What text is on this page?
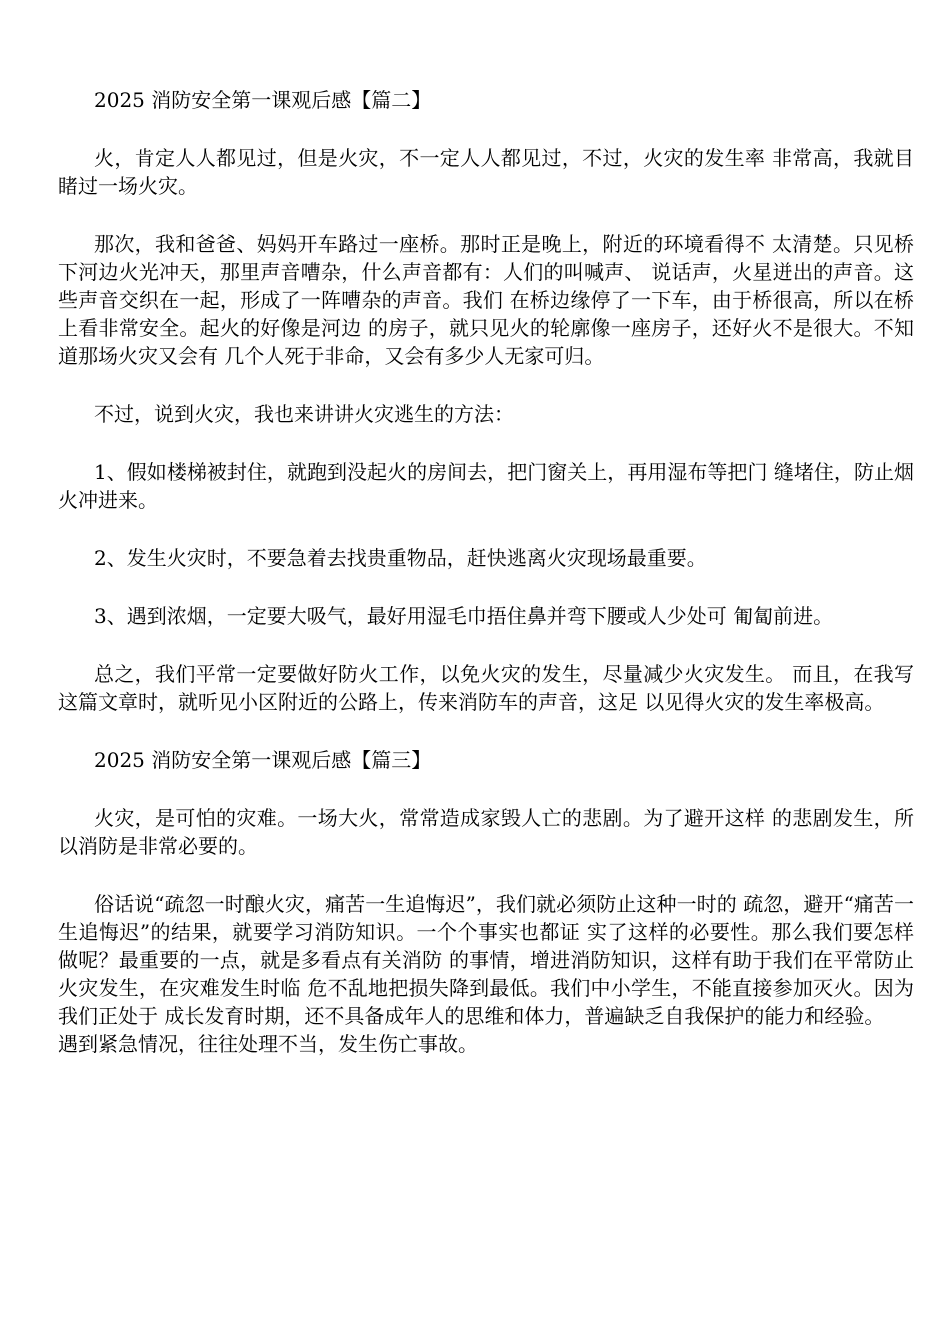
2025 消防安全第一课观后感【篇二】

火，肯定人人都见过，但是火灾，不一定人人都见过，不过，火灾的发生率 非常高，我就目睹过一场火灾。

那次，我和爸爸、妈妈开车路过一座桥。那时正是晚上，附近的环境看得不 太清楚。只见桥下河边火光冲天，那里声音嘈杂，什么声音都有：人们的叫喊声、 说话声，火星迸出的声音。这些声音交织在一起，形成了一阵嘈杂的声音。我们 在桥边缘停了一下车，由于桥很高，所以在桥上看非常安全。起火的好像是河边 的房子，就只见火的轮廓像一座房子，还好火不是很大。不知道那场火灾又会有 几个人死于非命，又会有多少人无家可归。

不过，说到火灾，我也来讲讲火灾逃生的方法：

1、假如楼梯被封住，就跑到没起火的房间去，把门窗关上，再用湿布等把门 缝堵住，防止烟火冲进来。

2、发生火灾时，不要急着去找贵重物品，赶快逃离火灾现场最重要。

3、遇到浓烟，一定要大吸气，最好用湿毛巾捂住鼻并弯下腰或人少处可 匍匐前进。

总之，我们平常一定要做好防火工作，以免火灾的发生，尽量减少火灾发生。 而且，在我写这篇文章时，就听见小区附近的公路上，传来消防车的声音，这足 以见得火灾的发生率极高。

2025 消防安全第一课观后感【篇三】

火灾，是可怕的灾难。一场大火，常常造成家毁人亡的悲剧。为了避开这样 的悲剧发生，所以消防是非常必要的。

俗话说“疏忽一时酿火灾，痛苦一生追悔迟”，我们就必须防止这种一时的 疏忽，避开“痛苦一生追悔迟”的结果，就要学习消防知识。一个个事实也都证 实了这样的必要性。那么我们要怎样做呢？最重要的一点，就是多看点有关消防 的事情，增进消防知识，这样有助于我们在平常防止火灾发生，在灾难发生时临 危不乱地把损失降到最低。我们中小学生，不能直接参加灭火。因为我们正处于 成长发育时期，还不具备成年人的思维和体力，普遍缺乏自我保护的能力和经验。

遇到紧急情况，往往处理不当，发生伤亡事故。
